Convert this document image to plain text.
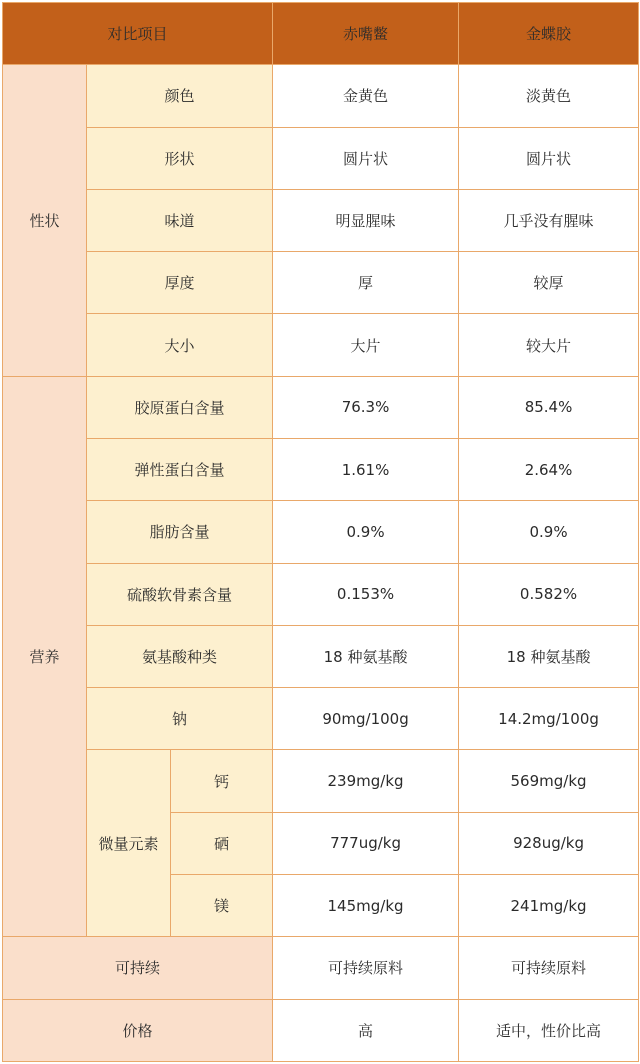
对比项目			赤嘴鳖	金蝶胶
性状	颜色		金黄色	淡黄色
	形状		圆片状	圆片状
	味道		明显腥味	几乎没有腥味
	厚度		厚	较厚
	大小		大片	较大片
营养	胶原蛋白含量		76.3%	85.4%
	弹性蛋白含量		1.61%	2.64%
	脂肪含量		0.9%	0.9%
	硫酸软骨素含量		0.153%	0.582%
	氨基酸种类		18 种氨基酸	18 种氨基酸
	钠		90mg/100g	14.2mg/100g
	微量元素	钙	239mg/kg	569mg/kg
		硒	777ug/kg	928ug/kg
		镁	145mg/kg	241mg/kg
可持续			可持续原料	可持续原料
价格			高	适中，性价比高
